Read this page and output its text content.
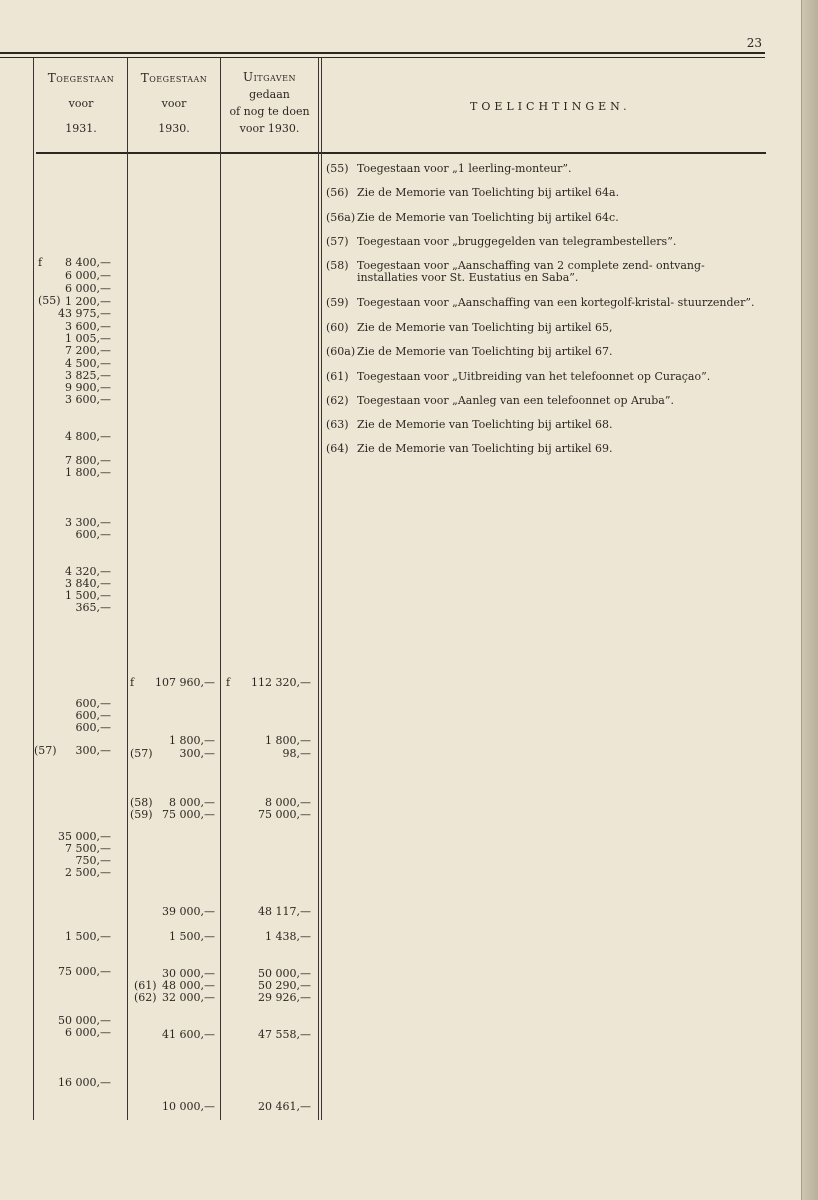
23
Toegestaan
voor
1931.
Toegestaan
voor
1930.
Uitgaven
gedaan
of nog te doen
voor 1930.
TOELICHTINGEN.
f
(55)
(57)
8 400,—
6 000,—
6 000,—
1 200,—
43 975,—
3 600,—
1 005,—
7 200,—
4 500,—
3 825,—
9 900,—
3 600,—
4 800,—
7 800,—
1 800,—
3 300,—
600,—
4 320,—
3 840,—
1 500,—
365,—
600,—
600,—
600,—
300,—
35 000,—
7 500,—
750,—
2 500,—
1 500,—
75 000,—
50 000,—
6 000,—
16 000,—
f 107 960,—
1 800,—
(57) 300,—
(58) 8 000,—
(59) 75 000,—
39 000,—
1 500,—
30 000,—
(61) 48 000,—
(62) 32 000,—
41 600,—
10 000,—
f 112 320,—
1 800,—
98,—
8 000,—
75 000,—
48 117,—
1 438,—
50 000,—
50 290,—
29 926,—
47 558,—
20 461,—
(55) Toegestaan voor „1 leerling-monteur”.
(56) Zie de Memorie van Toelichting bij artikel 64a.
(56a) Zie de Memorie van Toelichting bij artikel 64c.
(57) Toegestaan voor „bruggegelden van telegrambestellers”.
(58) Toegestaan voor „Aanschaffing van 2 complete zend- ontvang- installaties voor St. Eustatius en Saba”.
(59) Toegestaan voor „Aanschaffing van een kortegolf-kristal- stuurzender”.
(60) Zie de Memorie van Toelichting bij artikel 65,
(60a) Zie de Memorie van Toelichting bij artikel 67.
(61) Toegestaan voor „Uitbreiding van het telefoonnet op Curaçao”.
(62) Toegestaan voor „Aanleg van een telefoonnet op Aruba”.
(63) Zie de Memorie van Toelichting bij artikel 68.
(64) Zie de Memorie van Toelichting bij artikel 69.
